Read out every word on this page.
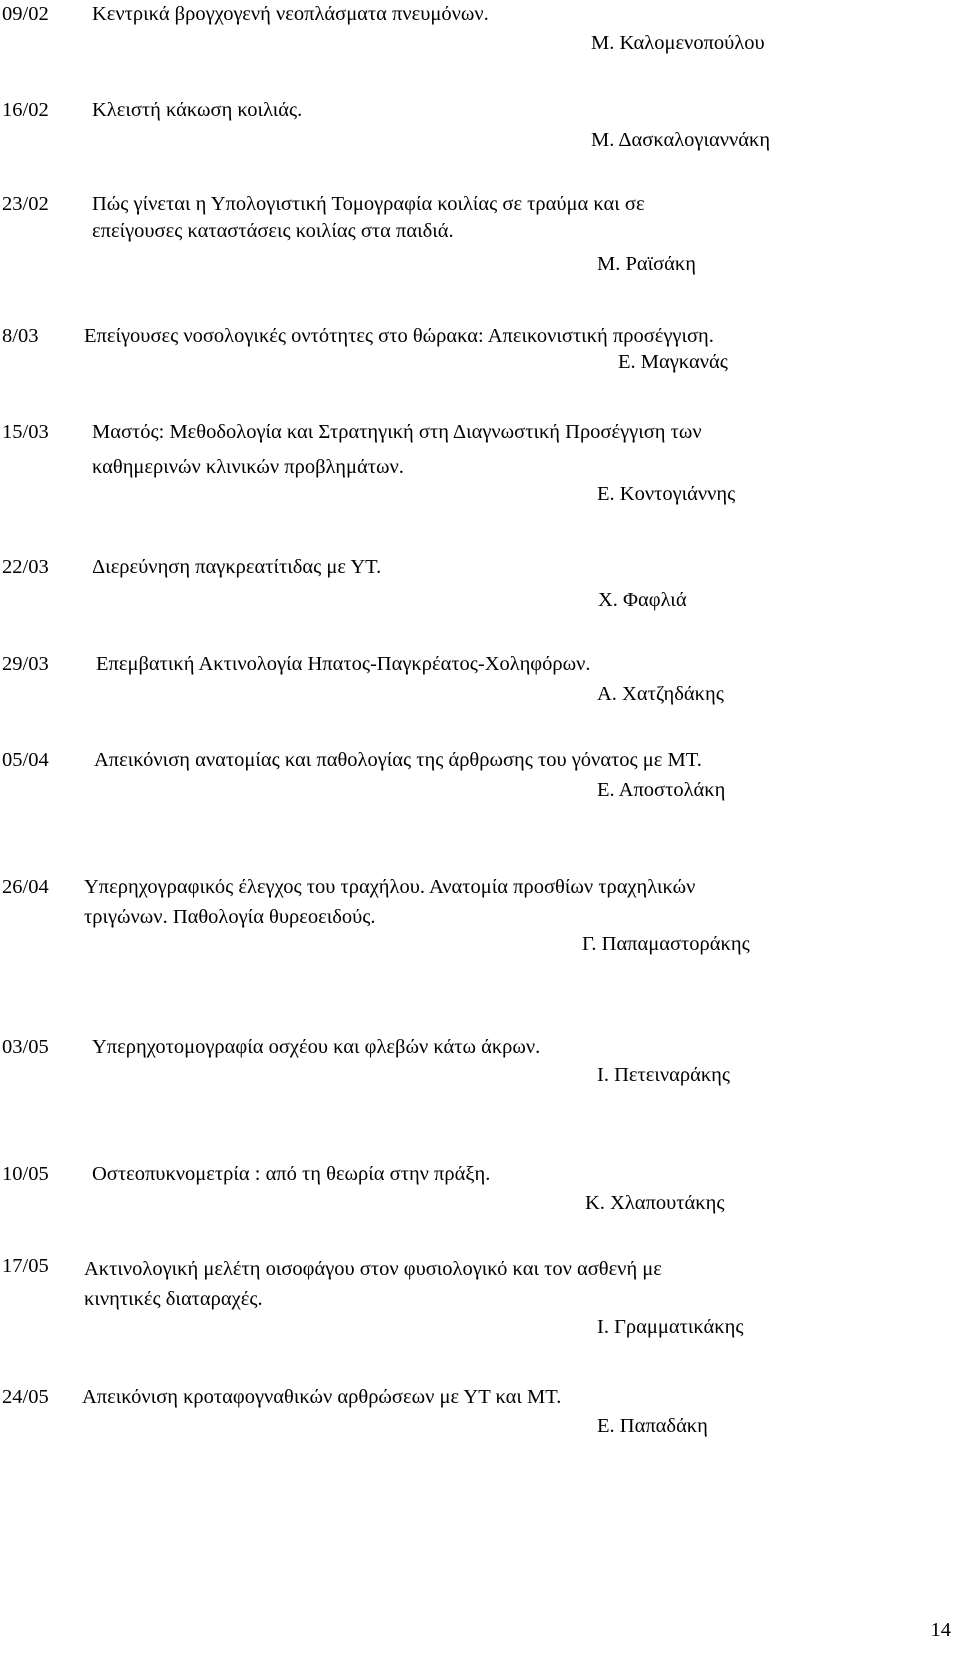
09/02 Κεντρικά βρογχογενή νεοπλάσματα πνευμόνων.
Μ. Καλομενοπούλου
16/02 Κλειστή κάκωση κοιλιάς.
Μ. Δασκαλογιαννάκη
23/02 Πώς γίνεται η Υπολογιστική Τομογραφία κοιλίας σε τραύμα και σε
επείγουσες καταστάσεις κοιλίας στα παιδιά.
Μ. Ραϊσάκη
8/03 Επείγουσες νοσολογικές οντότητες στο θώρακα: Απεικονιστική προσέγγιση.
Ε. Μαγκανάς
15/03 Μαστός: Μεθοδολογία και Στρατηγική στη Διαγνωστική Προσέγγιση των
καθημερινών κλινικών προβλημάτων.
Ε. Κοντογιάννης
22/03 Διερεύνηση παγκρεατίτιδας με ΥΤ.
Χ. Φαφλιά
29/03 Επεμβατική Ακτινολογία Ηπατος-Παγκρέατος-Χοληφόρων.
Α. Χατζηδάκης
05/04 Απεικόνιση ανατομίας και παθολογίας της άρθρωσης του γόνατος με ΜΤ.
Ε. Αποστολάκη
26/04 Υπερηχογραφικός έλεγχος του τραχήλου. Ανατομία προσθίων τραχηλικών
τριγώνων. Παθολογία θυρεοειδούς.
Γ. Παπαμαστοράκης
03/05 Υπερηχοτομογραφία οσχέου και φλεβών κάτω άκρων.
Ι. Πετειναράκης
10/05 Οστεοπυκνομετρία : από τη θεωρία στην πράξη.
Κ. Χλαπουτάκης
17/05 Ακτινολογική μελέτη οισοφάγου στον φυσιολογικό και τον ασθενή με
κινητικές διαταραχές.
Ι. Γραμματικάκης
24/05 Απεικόνιση κροταφογναθικών αρθρώσεων με ΥΤ και ΜΤ.
Ε. Παπαδάκη
14
